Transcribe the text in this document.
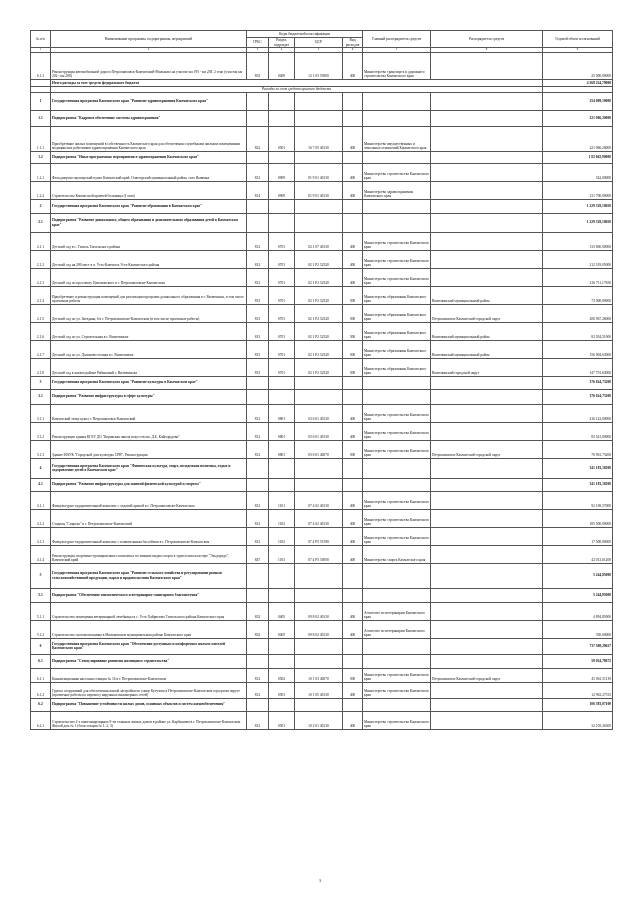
№ п/п	Наименование программы, подпрограммы, мероприятий	Коды бюджетной классификации				Главный распорядитель средств	Распорядитель средств	Годовой объем ассигнований
		ГРБС	Раздел, подраздел	ЦСР	Вид расходов			
1	2	3	4	5	6	7	8	9
6.1.3	Реконструкция автомобильной дороги Петропавловск-Камчатский-Мильково на участке км 195 - км 238. 2 этап (участок км 202 - км 208)	833	0409	12 1 03 53900	400	Министерство транспорта и дорожного строительства Камчатского края		25 000,00000
	Итого расходы за счет средств федерального бюджета							4 568 224,79000
	Расходы за счет средств краевого бюджета							
1	Государственная программа Камчатского края "Развитие здравоохранения Камчатского края"							254 069,10000
1.1	Подпрограмма "Кадровое обеспечение системы здравоохранения"							221 966,20000
1.1.1	Приобретение жилых помещений в собственность Камчатского края для обеспечения служебными жилыми помещениями медицинских работников здравоохранения Камчатского края	822	0501	16 7 05 40130	400	Министерство имущественных и земельных отношений Камчатского края		221 966,20000
1.2	Подпрограмма "Иные программные мероприятия в здравоохранении Камчатского края"							1 82 662,90000
1.2.1	Фельдшерско-акушерский пункт Камчатский край, Олюторский муниципальный район, село Вывенка	812	0909	01 9 01 40130	400	Министерство строительства Камчатского края		342,00000
1.2.2	Строительство Камчатской краевой больницы (I этап)	814	0909	01 9 01 40130	400	Министерство здравоохранения Камчатского края		131 700,00000
2	Государственная программа Камчатского края "Развитие образования в Камчатском крае"							1 229 329,18650
2.1	Подпрограмма "Развитие дошкольного, общего образования и дополнительного образования детей в Камчатском крае"							1 229 329,18650
2.1.1	Детский сад в с. Тигиль Тигильского района	812	0701	02 1 07 40130	400	Министерство строительства Камчатского края		133 600,00000
2.1.2	Детский сад на 280 мест в п. Усть-Камчатск Усть-Камчатского района	812	0701	02 1 P2 52320	400	Министерство строительства Камчатского края		212 319,05000
2.1.3	Детский сад по проспекту Циолковского в г. Петропавловске-Камчатском	812	0701	02 1 P2 52320	400	Министерство строительства Камчатского края		216 711,17650
2.1.4	Приобретение и реконструкция помещений для реализации программ дошкольного образования в г. Вилючинск, в том числе проектные работы	813	0701	02 1 P2 52320	500	Министерство образования Камчатского края	Вилючинский муниципальный район	73 000,00000
2.1.5	Детский сад по ул. Звездная, 6 в г. Петропавловске-Камчатском (в том числе проектные работы)	813	0701	02 1 P2 52320	500	Министерство образования Камчатского края	Петропавловск-Камчатский городской округ	206 967,26000
2.1.6	Детский сад по ул. Строительная в г. Вилючинске	813	0701	02 1 P2 52320	500	Министерство образования Камчатского края	Вилючинский муниципальный район	82 034,51000
2.1.7	Детский сад по ул. Дальневосточная в г. Вилючинске	813	0701	02 1 P2 52320	500	Министерство образования Камчатского края	Вилючинский муниципальный район	156 904,63000
2.1.8	Детский сад в жилом районе Рябиновый г. Вилючинска	813	0701	02 1 P2 52320	500	Министерство образования Камчатского края	Вилючинский городской округ	147 791,63000
3	Государственная программа Камчатского края "Развитие культуры в Камчатском крае"							376 624,73200
3.1	Подпрограмма "Развитие инфраструктуры в сфере культуры"							376 624,73200
3.1.1	Камчатский театр кукол г. Петропавловск-Камчатский	812	0801	03 6 01 40130	400	Министерство строительства Камчатского края		216 122,00000
3.1.2	Реконструкция здания КГБУ ДО "Корякская школа искусств им. Д.Б. Кайгородова"	812	0801	03 6 01 40130	400	Министерство строительства Камчатского края		83 541,00000
3.1.3	Здание МАУК "Городской дом культуры СРВ", Реконструкция	812	0801	03 6 01 40070	500	Министерство строительства Камчатского края	Петропавловск-Камчатский городской округ	76 961,73200
4	Государственная программа Камчатского края "Физическая культура, спорт, молодежная политика, отдых и оздоровление детей в Камчатском крае"							341 183,18200
4.1	Подпрограмма "Развитие инфраструктуры для занятий физической культурой и спортом"							341 183,18200
4.1.1	Физкультурно-оздоровительный комплекс с ледовой ареной в г. Петропавловске-Камчатском	812	1101	07 4 02 40130	400	Министерство строительства Камчатского края		92 169,57000
4.1.2	Стадион "Спартак" в г. Петропавловске-Камчатский	812	1102	07 4 02 40130	400	Министерство строительства Камчатского края		185 500,00000
4.1.3	Физкультурно-оздоровительный комплекс с плавательным бассейном в г. Петропавловске-Камчатском	812	1102	07 4 P5 51390	400	Министерство строительства Камчатского края		17 500,00000
4.1.4	Реконструкция спортивно-тренировочного комплекса по зимним видам спорта в туристском кластере "Эльдорадо", Камчатский край	847	1103	07 4 P5 54950	400	Министерство спорта Камчатского края		42 013,61200
5	Государственная программа Камчатского края "Развитие сельского хозяйства и регулирование рынков сельскохозяйственной продукции, сырья и продовольствия Камчатского края"							5 244,85000
5.1	Подпрограмма "Обеспечение эпизоотического и ветеринарно-санитарного благополучия"							5 244,85000
5.1.1	Строительство помещения ветеринарной лечебницы в с. Усть-Хайрюзово Тигильского района Камчатского края	832	0405	09 8 02 40130	400	Агентство по ветеринарии Камчатского края		4 894,85000
5.1.2	Строительство скотомогильника в Мильковском муниципальном районе Камчатского края	832	0405	09 8 02 40130	400	Агентство по ветеринарии Камчатского края		350,00000
6	Государственная программа Камчатского края "Обеспечение доступным и комфортным жильем жителей Камчатского края"							737 308,29627
6.1	Подпрограмма "Стимулирование развития жилищного строительства"							58 024,78672
6.1.1	Канализационная насосная станция № 16 в г. Петропавловске-Камчатском	812	0502	10 1 03 40070	500	Министерство строительства Камчатского края	Петропавловск-Камчатский городской округ	45 061,51139
6.1.2	Группа сооружений для обеспечения жилой застройки по улице Кутузова в Петропавловске-Камчатском городском округе (проектные работы по переносу наружных инженерных сетей)	812	0501	10 1 05 40130	400	Министерство строительства Камчатского края		12 963,27533
6.2	Подпрограмма "Повышение устойчивости жилых домов, основных объектов и систем жизнеобеспечения"							106 383,07100
6.2.1	Строительство 2-х многоквартирных 9-ти этажных жилых домов в районе ул. Карбышева в г. Петропавловске-Камчатском. Жилой дом № 1 (блок-секции № 1, 2, 3)	812	0501	10 2 01 40130	400	Министерство строительства Камчатского края		32 105,26300
3
